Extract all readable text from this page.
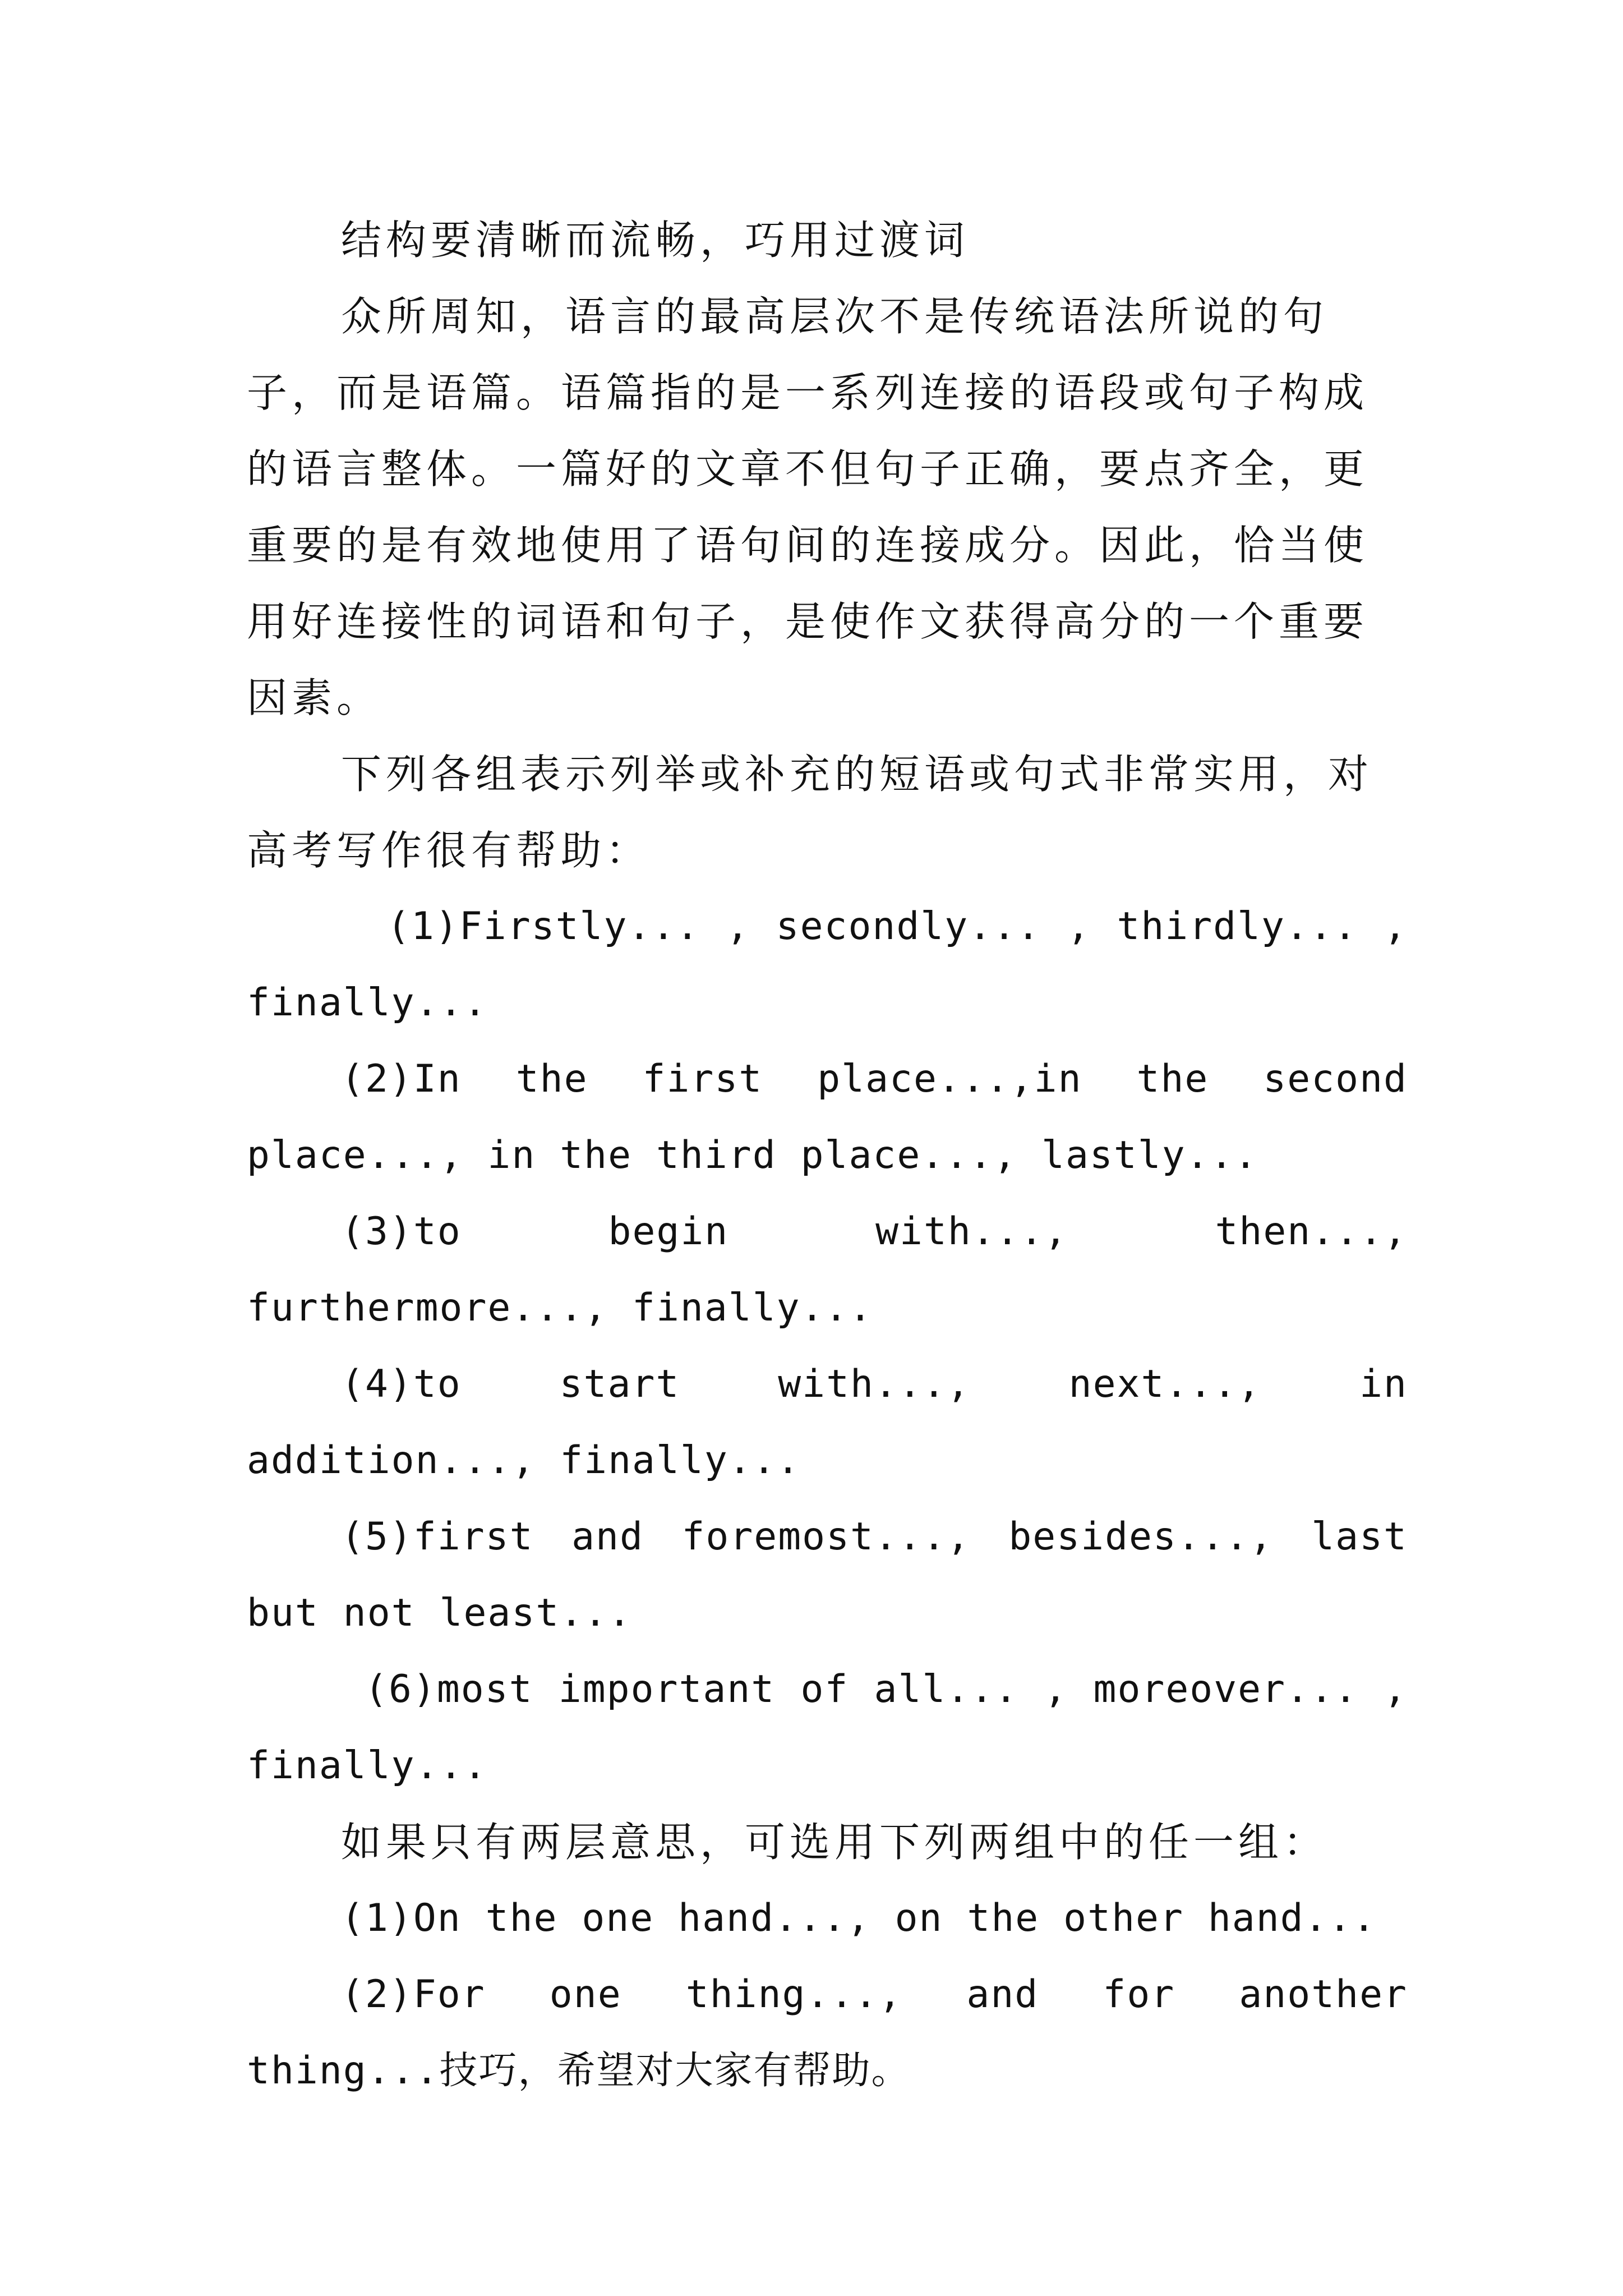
结构要清晰而流畅，巧用过渡词

众所周知，语言的最高层次不是传统语法所说的句子，而是语篇。语篇指的是一系列连接的语段或句子构成的语言整体。一篇好的文章不但句子正确，要点齐全，更重要的是有效地使用了语句间的连接成分。因此，恰当使用好连接性的词语和句子，是使作文获得高分的一个重要因素。

下列各组表示列举或补充的短语或句式非常实用，对高考写作很有帮助：

(1)Firstly... , secondly... , thirdly... , finally...

(2)In the first place...,in the second place..., in the third place..., lastly...

(3)to begin with..., then..., furthermore..., finally...

(4)to start with..., next..., in addition..., finally...

(5)first and foremost..., besides..., last but not least...

(6)most important of all... , moreover... , finally...

如果只有两层意思，可选用下列两组中的任一组：

(1)On the one hand..., on the other hand...

(2)For one thing..., and for another thing...技巧，希望对大家有帮助。
